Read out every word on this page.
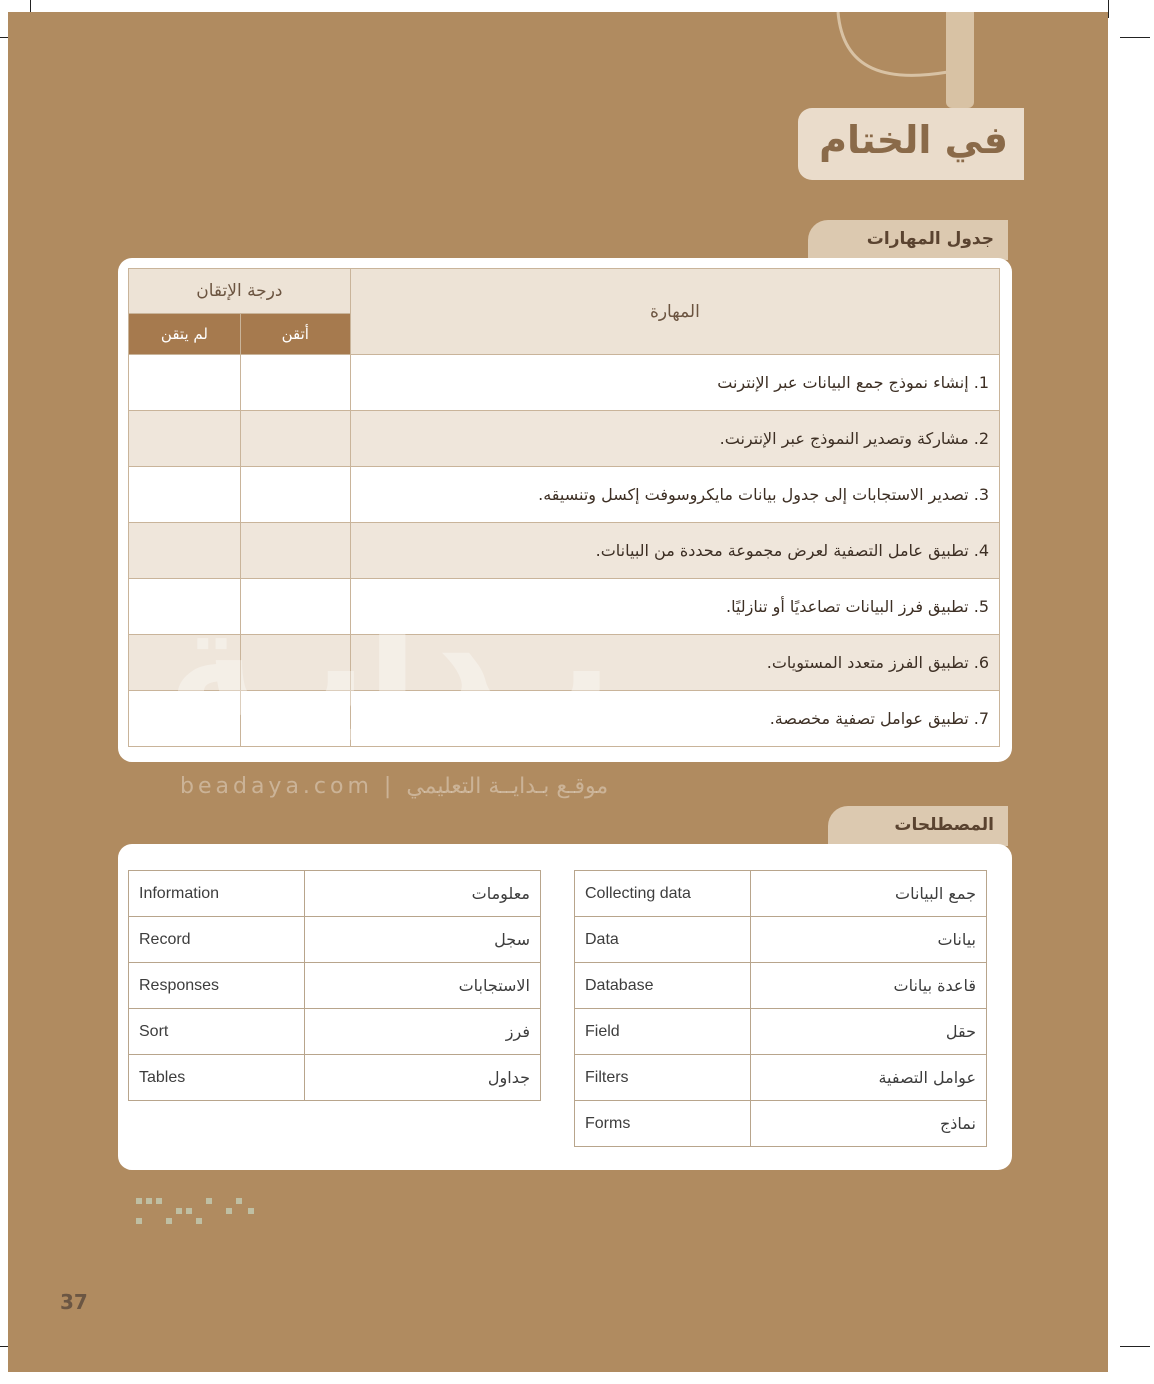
في الختام
جدول المهارات
درجة الإتقان		المهارة
لم يتقن	أتقن	
		1. إنشاء نموذج جمع البيانات عبر الإنترنت
		2. مشاركة وتصدير النموذج عبر الإنترنت.
		3. تصدير الاستجابات إلى جدول بيانات مايكروسوفت إكسل وتنسيقه.
		4. تطبيق عامل التصفية لعرض مجموعة محددة من البيانات.
		5. تطبيق فرز البيانات تصاعديًا أو تنازليًا.
		6. تطبيق الفرز متعدد المستويات.
		7. تطبيق عوامل تصفية مخصصة.
بـدايـة
beadaya.com | موقـع بـدايــة التعليمي
المصطلحات
Information	معلومات
Record	سجل
Responses	الاستجابات
Sort	فرز
Tables	جداول
Collecting data	جمع البيانات
Data	بيانات
Database	قاعدة بيانات
Field	حقل
Filters	عوامل التصفية
Forms	نماذج
37
